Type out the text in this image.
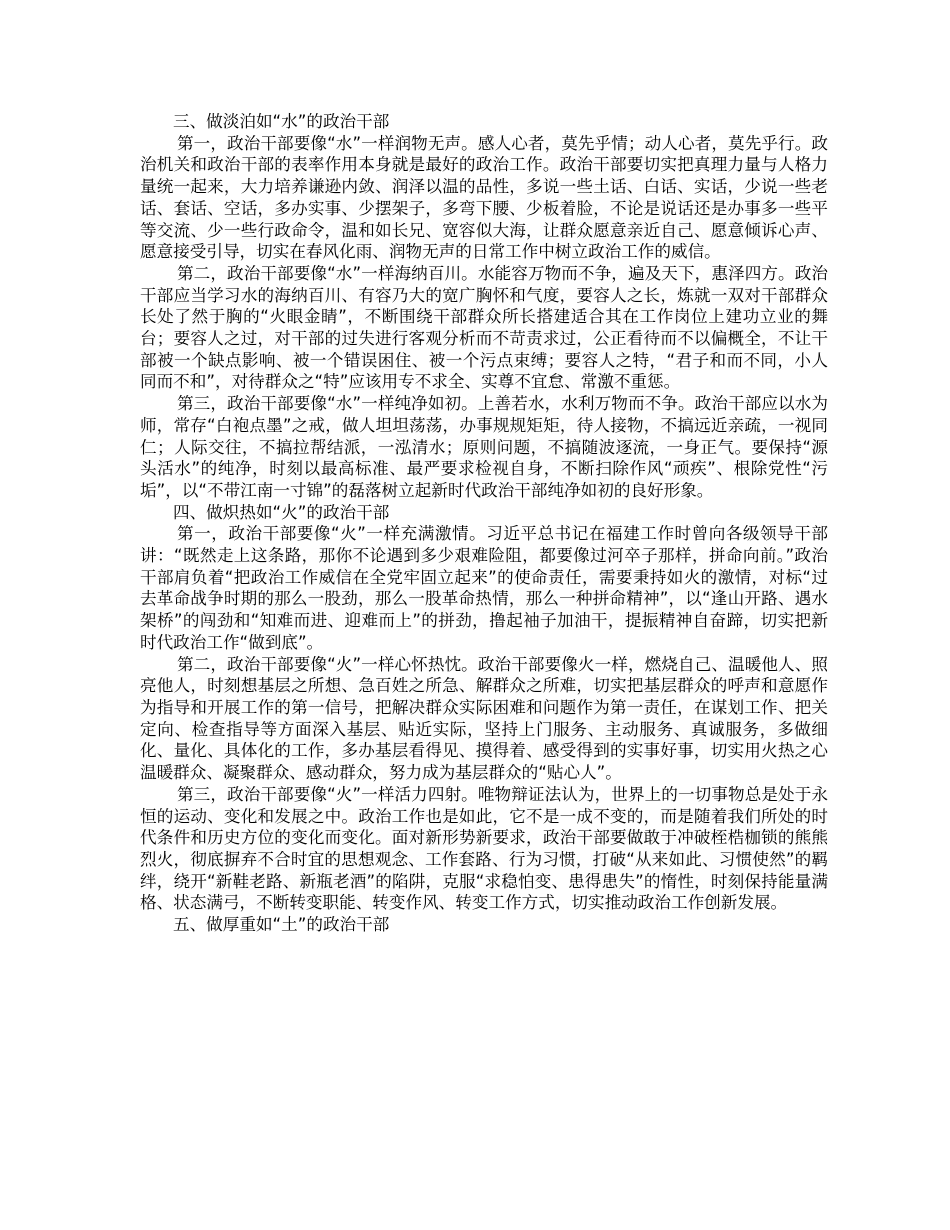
三、做淡泊如“水”的政治干部

第一，政治干部要像“水”一样润物无声。感人心者，莫先乎情；动人心者，莫先乎行。政治机关和政治干部的表率作用本身就是最好的政治工作。政治干部要切实把真理力量与人格力量统一起来，大力培养谦逊内敛、润泽以温的品性，多说一些土话、白话、实话，少说一些老话、套话、空话，多办实事、少摆架子，多弯下腰、少板着脸，不论是说话还是办事多一些平等交流、少一些行政命令，温和如长兄、宽容似大海，让群众愿意亲近自己、愿意倾诉心声、愿意接受引导，切实在春风化雨、润物无声的日常工作中树立政治工作的威信。

第二，政治干部要像“水”一样海纳百川。水能容万物而不争，遍及天下，惠泽四方。政治干部应当学习水的海纳百川、有容乃大的宽广胸怀和气度，要容人之长，炼就一双对干部群众长处了然于胸的“火眼金睛”，不断围绕干部群众所长搭建适合其在工作岗位上建功立业的舞台；要容人之过，对干部的过失进行客观分析而不苛责求过，公正看待而不以偏概全，不让干部被一个缺点影响、被一个错误困住、被一个污点束缚；要容人之特，“君子和而不同，小人同而不和”，对待群众之“特”应该用专不求全、实尊不宜怠、常激不重惩。

第三，政治干部要像“水”一样纯净如初。上善若水，水利万物而不争。政治干部应以水为师，常存“白袍点墨”之戒，做人坦坦荡荡，办事规规矩矩，待人接物，不搞远近亲疏，一视同仁；人际交往，不搞拉帮结派，一泓清水；原则问题，不搞随波逐流，一身正气。要保持“源头活水”的纯净，时刻以最高标准、最严要求检视自身，不断扫除作风“顽疾”、根除党性“污垢”，以“不带江南一寸锦”的磊落树立起新时代政治干部纯净如初的良好形象。

四、做炽热如“火”的政治干部

第一，政治干部要像“火”一样充满激情。习近平总书记在福建工作时曾向各级领导干部讲：“既然走上这条路，那你不论遇到多少艰难险阻，都要像过河卒子那样，拼命向前。”政治干部肩负着“把政治工作威信在全党牢固立起来”的使命责任，需要秉持如火的激情，对标“过去革命战争时期的那么一股劲，那么一股革命热情，那么一种拼命精神”，以“逢山开路、遇水架桥”的闯劲和“知难而进、迎难而上”的拼劲，撸起袖子加油干，提振精神自奋蹄，切实把新时代政治工作“做到底”。

第二，政治干部要像“火”一样心怀热忱。政治干部要像火一样，燃烧自己、温暖他人、照亮他人，时刻想基层之所想、急百姓之所急、解群众之所难，切实把基层群众的呼声和意愿作为指导和开展工作的第一信号，把解决群众实际困难和问题作为第一责任，在谋划工作、把关定向、检查指导等方面深入基层、贴近实际，坚持上门服务、主动服务、真诚服务，多做细化、量化、具体化的工作，多办基层看得见、摸得着、感受得到的实事好事，切实用火热之心温暖群众、凝聚群众、感动群众，努力成为基层群众的“贴心人”。

第三，政治干部要像“火”一样活力四射。唯物辩证法认为，世界上的一切事物总是处于永恒的运动、变化和发展之中。政治工作也是如此，它不是一成不变的，而是随着我们所处的时代条件和历史方位的变化而变化。面对新形势新要求，政治干部要做敢于冲破桎梏枷锁的熊熊烈火，彻底摒弃不合时宜的思想观念、工作套路、行为习惯，打破“从来如此、习惯使然”的羁绊，绕开“新鞋老路、新瓶老酒”的陷阱，克服“求稳怕变、患得患失”的惰性，时刻保持能量满格、状态满弓，不断转变职能、转变作风、转变工作方式，切实推动政治工作创新发展。

五、做厚重如“土”的政治干部
